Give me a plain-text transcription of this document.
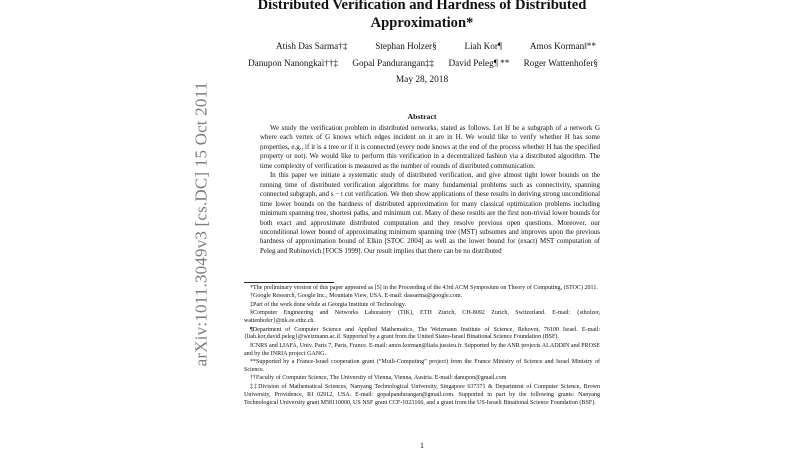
arXiv:1011.3049v3 [cs.DC] 15 Oct 2011
Distributed Verification and Hardness of Distributed Approximation*
Atish Das Sarma†‡	Stephan Holzer§	Liah Kor¶	Amos Korman‖**
Danupon Nanongkai††‡ Gopal Pandurangan‡‡ David Peleg¶ ** Roger Wattenhofer§
May 28, 2018
Abstract

We study the verification problem in distributed networks, stated as follows. Let H be a subgraph of a network G where each vertex of G knows which edges incident on it are in H. We would like to verify whether H has some properties, e.g., if it is a tree or if it is connected (every node knows at the end of the process whether H has the specified property or not). We would like to perform this verification in a decentralized fashion via a distributed algorithm. The time complexity of verification is measured as the number of rounds of distributed communication.

In this paper we initiate a systematic study of distributed verification, and give almost tight lower bounds on the running time of distributed verification algorithms for many fundamental problems such as connectivity, spanning connected subgraph, and s − t cut verification. We then show applications of these results in deriving strong unconditional time lower bounds on the hardness of distributed approximation for many classical optimization problems including minimum spanning tree, shortest paths, and minimum cut. Many of these results are the first non-trivial lower bounds for both exact and approximate distributed computation and they resolve previous open questions. Moreover, our unconditional lower bound of approximating minimum spanning tree (MST) subsumes and improves upon the previous hardness of approximation bound of Elkin [STOC 2004] as well as the lower bound for (exact) MST computation of Peleg and Rubinovich [FOCS 1999]. Our result implies that there can be no distributed

*The preliminary version of this paper appeared as [5] in the Proceeding of the 43rd ACM Symposium on Theory of Computing, (STOC) 2011.

†Google Research, Google Inc., Mountain View, USA. E-mail: dassarma@google.com.

‡Part of the work done while at Georgia Institute of Technology.

§Computer Engineering and Networks Laboratory (TIK), ETH Zurich, CH-8092 Zurich, Switzerland. E-mail: {stholzer, wattenhofer}@tik.ee.ethz.ch.

¶Department of Computer Science and Applied Mathematics, The Weizmann Institute of Science, Rehovot, 76100 Israel. E-mail: {liah.kor,david.peleg}@weizmann.ac.il. Supported by a grant from the United States-Israel Binational Science Foundation (BSF).

‖CNRS and LIAFA, Univ. Paris 7, Paris, France. E-mail: amos.korman@liafa.jussieu.fr. Supported by the ANR projects ALADDIN and PROSE and by the INRIA project GANG.

**Supported by a France-Israel cooperation grant (“Mutli-Computing” project) from the France Ministry of Science and Israel Ministry of Science.

††Faculty of Computer Science, The University of Vienna, Vienna, Austria. E-mail: danupon@gmail.com

‡‡Division of Mathematical Sciences, Nanyang Technological University, Singapore 637371 & Department of Computer Science, Brown University, Providence, RI 02912, USA. E-mail: gopalpandurangan@gmail.com. Supported in part by the following grants: Nanyang Technological University grant M58110000, US NSF grant CCF-1023166, and a grant from the US-Israeli Binational Science Foundation (BSF).

1
